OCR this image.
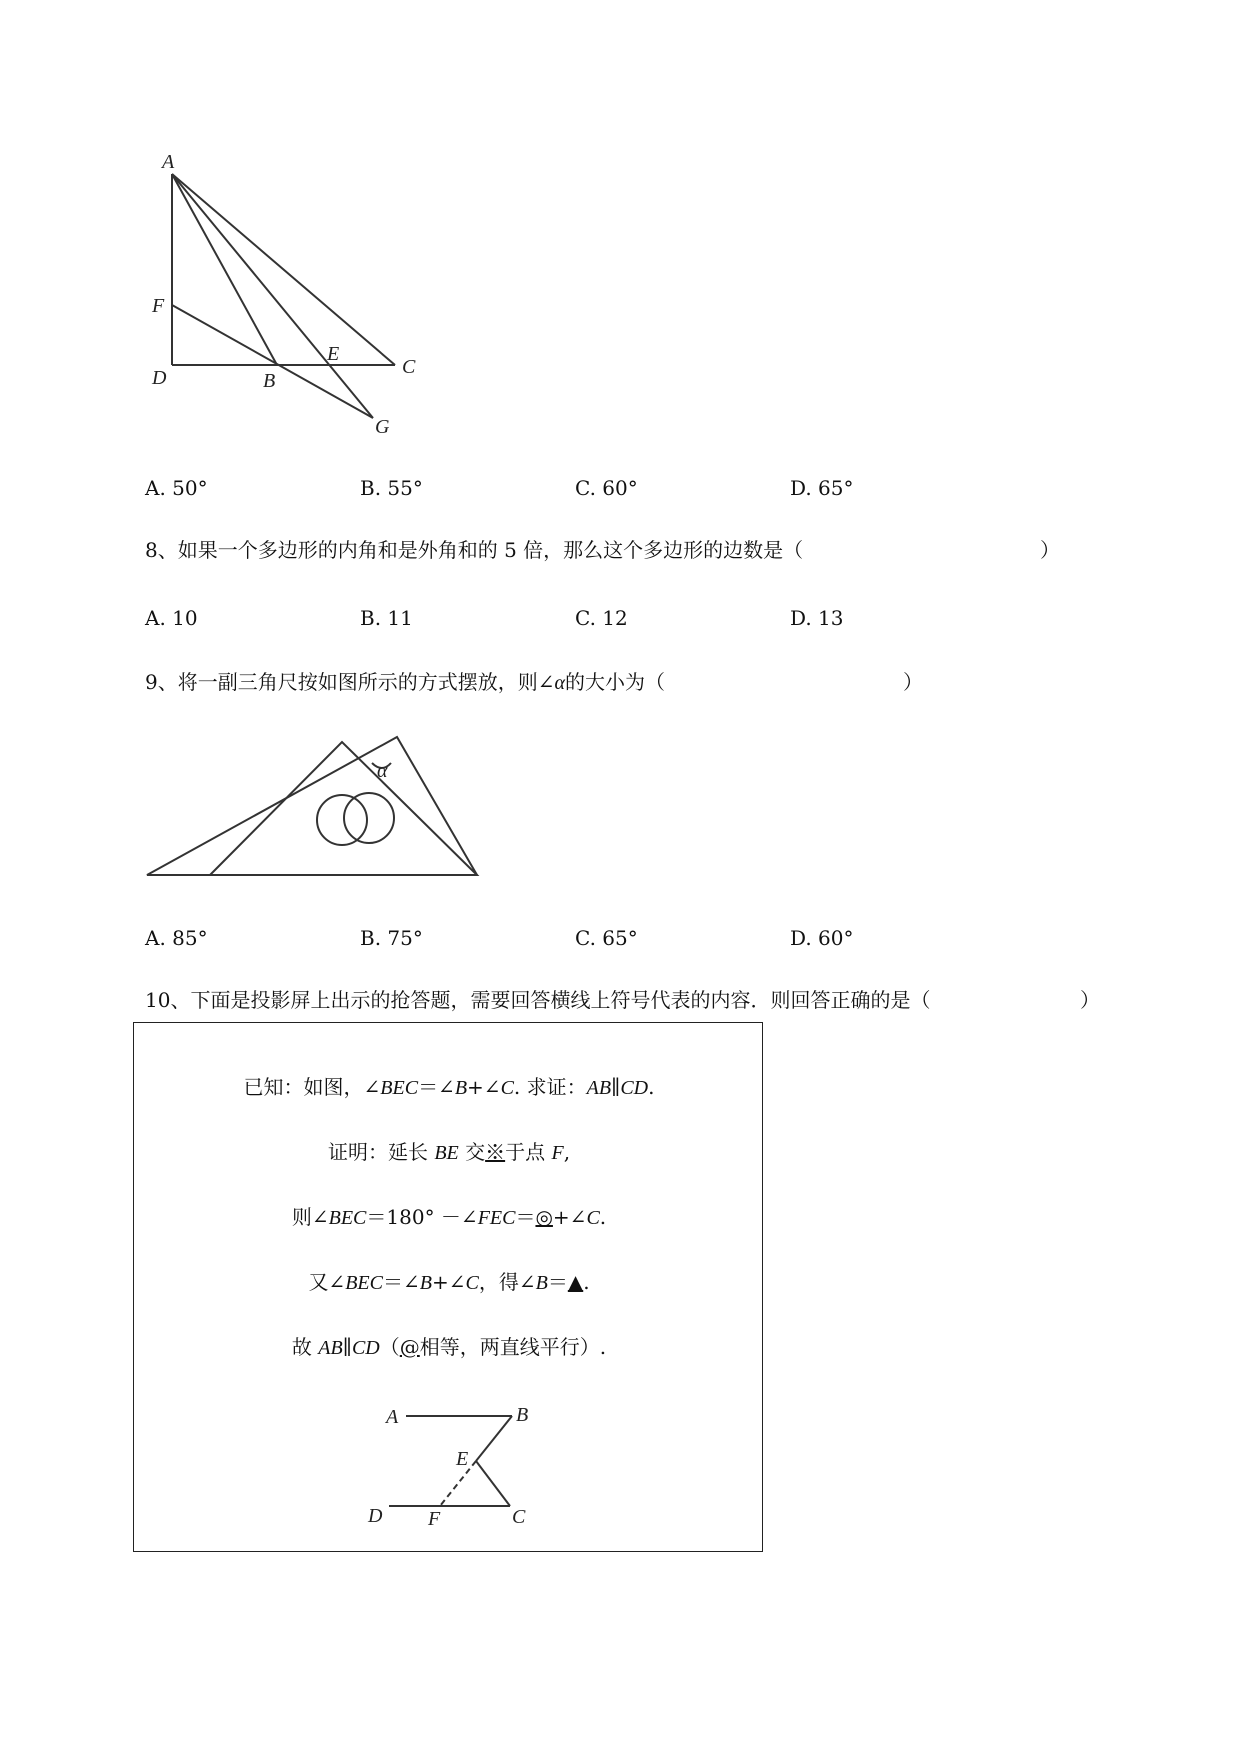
A
F
D	B
E
C
G
A. 50°	B. 55°	C. 60°	D. 65°
8、如果一个多边形的内角和是外角和的 5 倍，那么这个多边形的边数是（	）
A. 10	B. 11	C. 12	D. 13
9、将一副三角尺按如图所示的方式摆放，则∠α的大小为（	）
α
A. 85°	B. 75°	C. 65°	D. 60°
10、下面是投影屏上出示的抢答题，需要回答横线上符号代表的内容．则回答正确的是（	）
已知：如图，∠BEC＝∠B+∠C. 求证：AB∥CD.
证明：延长 BE 交※于点 F,
则∠BEC＝180° －∠FEC＝◎+∠C.
又∠BEC＝∠B+∠C，得∠B＝▲.
故 AB∥CD（@相等，两直线平行）.
A	B
E
D F	C
